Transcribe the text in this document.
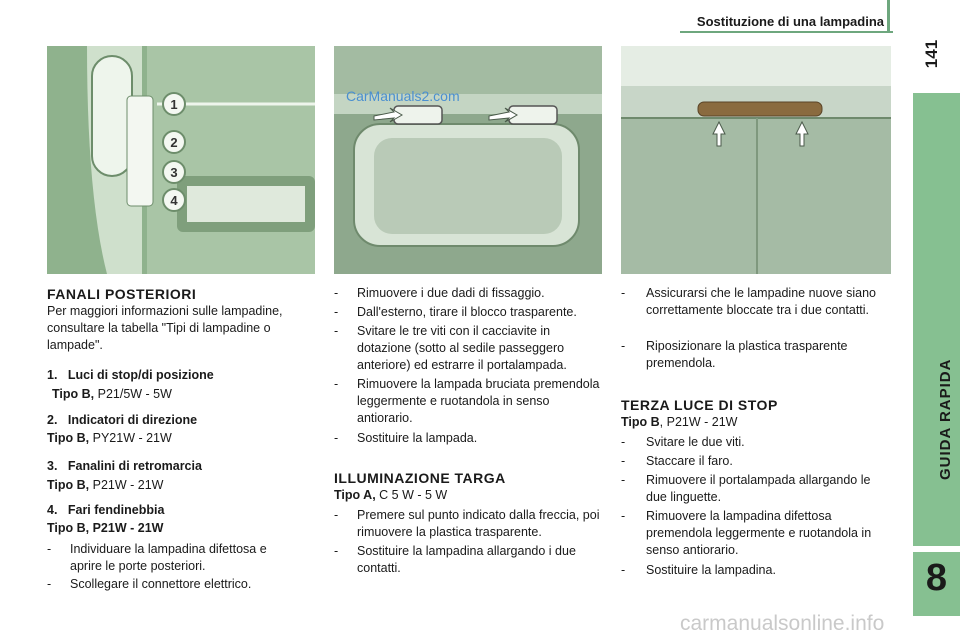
Sostituzione di una lampadina
141
GUIDA RAPIDA
8
1
2
3
4
CarManuals2.com
FANALI POSTERIORI
Per maggiori informazioni sulle lampadine, consultare la tabella "Tipi di lampadine o lampade".
1. Luci di stop/di posizione
Tipo B, P21/5W - 5W
2. Indicatori di direzione
Tipo B, PY21W - 21W
3. Fanalini di retromarcia
Tipo B, P21W - 21W
4. Fari fendinebbia
Tipo B, P21W - 21W
- Individuare la lampadina difettosa e aprire le porte posteriori.
- Scollegare il connettore elettrico.
- Rimuovere i due dadi di fissaggio.
- Dall'esterno, tirare il blocco trasparente.
- Svitare le tre viti con il cacciavite in dotazione (sotto al sedile passeggero anteriore) ed estrarre il portalampada.
- Rimuovere la lampada bruciata premendola leggermente e ruotandola in senso antiorario.
- Sostituire la lampada.
ILLUMINAZIONE TARGA
Tipo A, C 5 W - 5 W
- Premere sul punto indicato dalla freccia, poi rimuovere la plastica trasparente.
- Sostituire la lampadina allargando i due contatti.
- Assicurarsi che le lampadine nuove siano correttamente bloccate tra i due contatti.
- Riposizionare la plastica trasparente premendola.
TERZA LUCE DI STOP
Tipo B, P21W - 21W
- Svitare le due viti.
- Staccare il faro.
- Rimuovere il portalampada allargando le due linguette.
- Rimuovere la lampadina difettosa premendola leggermente e ruotandola in senso antiorario.
- Sostituire la lampadina.
carmanualsonline.info
